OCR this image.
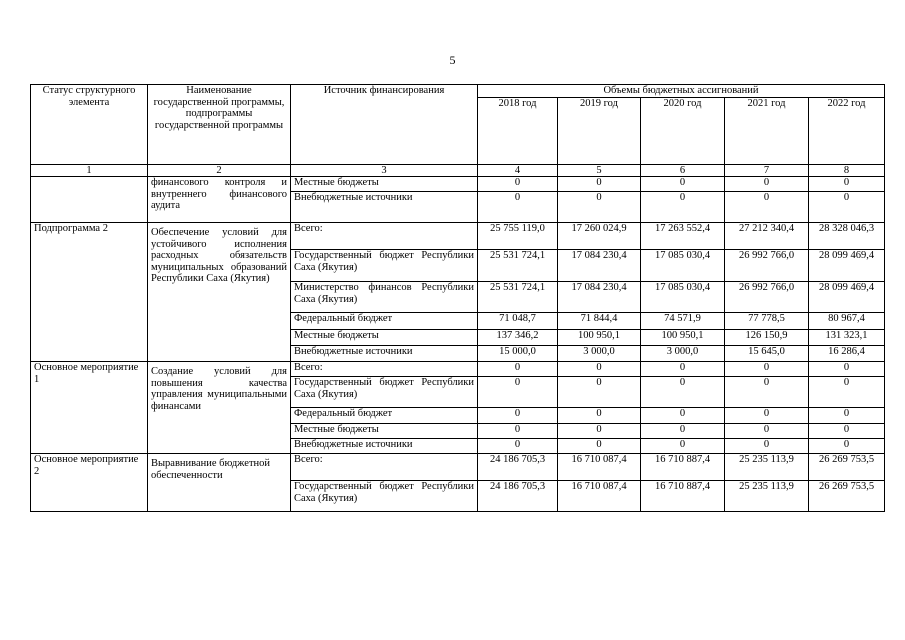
5
Статус структурного элемента	Наименование государственной программы, подпрограммы государственной программы	Источник финансирования	Объемы бюджетных ассигнований				
			2018 год	2019 год	2020 год	2021 год	2022 год
1	2	3	4	5	6	7	8
	финансового контроля и внутреннего финансового аудита	Местные бюджеты	0	0	0	0	0
		Внебюджетные источники	0	0	0	0	0
Подпрограмма 2	Обеспечение условий для устойчивого исполнения расходных обязательств муниципальных образований Республики Саха (Якутия)	Всего:	25 755 119,0	17 260 024,9	17 263 552,4	27 212 340,4	28 328 046,3
		Государственный бюджет Республики Саха (Якутия)	25 531 724,1	17 084 230,4	17 085 030,4	26 992 766,0	28 099 469,4
		Министерство финансов Республики Саха (Якутия)	25 531 724,1	17 084 230,4	17 085 030,4	26 992 766,0	28 099 469,4
		Федеральный бюджет	71 048,7	71 844,4	74 571,9	77 778,5	80 967,4
		Местные бюджеты	137 346,2	100 950,1	100 950,1	126 150,9	131 323,1
		Внебюджетные источники	15 000,0	3 000,0	3 000,0	15 645,0	16 286,4
Основное мероприятие 1	Создание условий для повышения качества управления муниципальными финансами	Всего:	0	0	0	0	0
		Государственный бюджет Республики Саха (Якутия)	0	0	0	0	0
		Федеральный бюджет	0	0	0	0	0
		Местные бюджеты	0	0	0	0	0
		Внебюджетные источники	0	0	0	0	0
Основное мероприятие 2	Выравнивание бюджетной обеспеченности	Всего:	24 186 705,3	16 710 087,4	16 710 887,4	25 235 113,9	26 269 753,5
		Государственный бюджет Республики Саха (Якутия)	24 186 705,3	16 710 087,4	16 710 887,4	25 235 113,9	26 269 753,5
